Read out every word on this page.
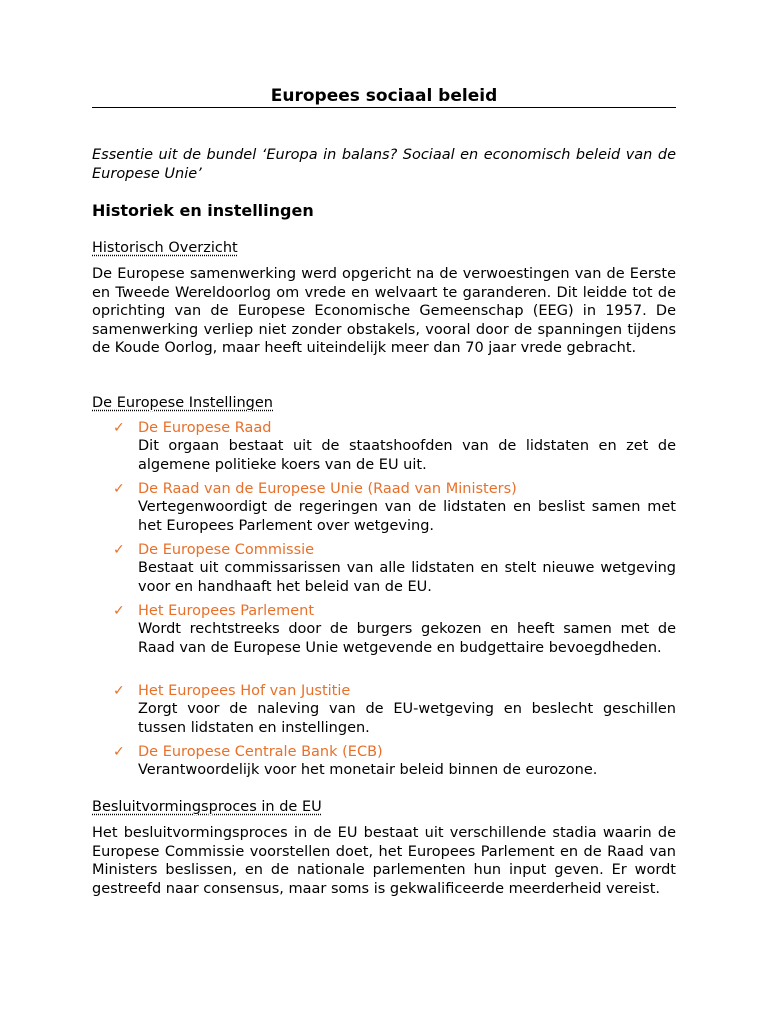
Europees sociaal beleid
Essentie uit de bundel ‘Europa in balans? Sociaal en economisch beleid van de Europese Unie’
Historiek en instellingen
Historisch Overzicht
De Europese samenwerking werd opgericht na de verwoestingen van de Eerste en Tweede Wereldoorlog om vrede en welvaart te garanderen. Dit leidde tot de oprichting van de Europese Economische Gemeenschap (EEG) in 1957. De samenwerking verliep niet zonder obstakels, vooral door de spanningen tijdens de Koude Oorlog, maar heeft uiteindelijk meer dan 70 jaar vrede gebracht.
De Europese Instellingen
✓ De Europese Raad
Dit orgaan bestaat uit de staatshoofden van de lidstaten en zet de algemene politieke koers van de EU uit.
✓ De Raad van de Europese Unie (Raad van Ministers)
Vertegenwoordigt de regeringen van de lidstaten en beslist samen met het Europees Parlement over wetgeving.
✓ De Europese Commissie
Bestaat uit commissarissen van alle lidstaten en stelt nieuwe wetgeving voor en handhaaft het beleid van de EU.
✓ Het Europees Parlement
Wordt rechtstreeks door de burgers gekozen en heeft samen met de Raad van de Europese Unie wetgevende en budgettaire bevoegdheden.
✓ Het Europees Hof van Justitie
Zorgt voor de naleving van de EU-wetgeving en beslecht geschillen tussen lidstaten en instellingen.
✓ De Europese Centrale Bank (ECB)
Verantwoordelijk voor het monetair beleid binnen de eurozone.
Besluitvormingsproces in de EU
Het besluitvormingsproces in de EU bestaat uit verschillende stadia waarin de Europese Commissie voorstellen doet, het Europees Parlement en de Raad van Ministers beslissen, en de nationale parlementen hun input geven. Er wordt gestreefd naar consensus, maar soms is gekwalificeerde meerderheid vereist.
